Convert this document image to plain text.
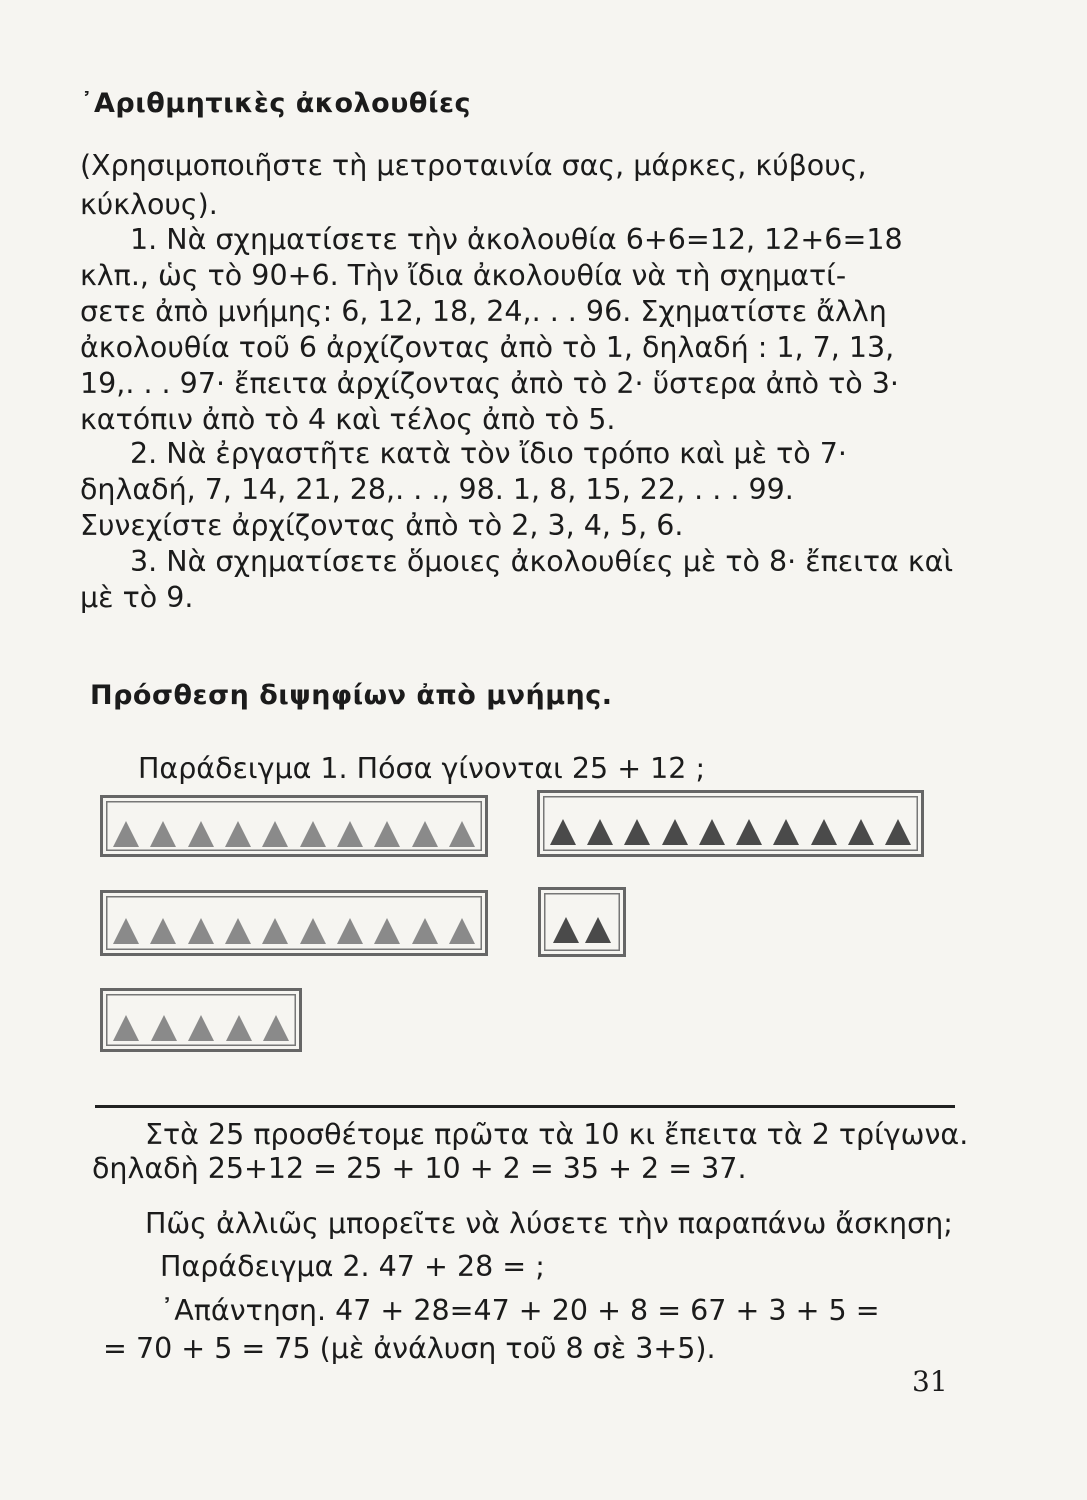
᾿Αριθμητικὲς ἀκολουθίες
(Χρησιμοποιῆστε τὴ μετροταινία σας, μάρκες, κύβους,
κύκλους).
1. Νὰ σχηματίσετε τὴν ἀκολουθία 6+6=12, 12+6=18
κλπ., ὡς τὸ 90+6. Τὴν ἴδια ἀκολουθία νὰ τὴ σχηματί-
σετε ἀπὸ μνήμης: 6, 12, 18, 24,. . . 96. Σχηματίστε ἄλλη
ἀκολουθία τοῦ 6 ἀρχίζοντας ἀπὸ τὸ 1, δηλαδή : 1, 7, 13,
19,. . . 97· ἔπειτα ἀρχίζοντας ἀπὸ τὸ 2· ὕστερα ἀπὸ τὸ 3·
κατόπιν ἀπὸ τὸ 4 καὶ τέλος ἀπὸ τὸ 5.
2. Νὰ ἐργαστῆτε κατὰ τὸν ἴδιο τρόπο καὶ μὲ τὸ 7·
δηλαδή, 7, 14, 21, 28,. . ., 98. 1, 8, 15, 22, . . . 99.
Συνεχίστε ἀρχίζοντας ἀπὸ τὸ 2, 3, 4, 5, 6.
3. Νὰ σχηματίσετε ὅμοιες ἀκολουθίες μὲ τὸ 8· ἔπειτα καὶ
μὲ τὸ 9.
Πρόσθεση διψηφίων ἀπὸ μνήμης.
Παράδειγμα 1. Πόσα γίνονται 25 + 12 ;
Στὰ 25 προσθέτομε πρῶτα τὰ 10 κι ἔπειτα τὰ 2 τρίγωνα.
δηλαδὴ 25+12 = 25 + 10 + 2 = 35 + 2 = 37.
Πῶς ἀλλιῶς μπορεῖτε νὰ λύσετε τὴν παραπάνω ἄσκηση;
Παράδειγμα 2. 47 + 28 = ;
᾿Απάντηση. 47 + 28=47 + 20 + 8 = 67 + 3 + 5 =
= 70 + 5 = 75 (μὲ ἀνάλυση τοῦ 8 σὲ 3+5).
31
